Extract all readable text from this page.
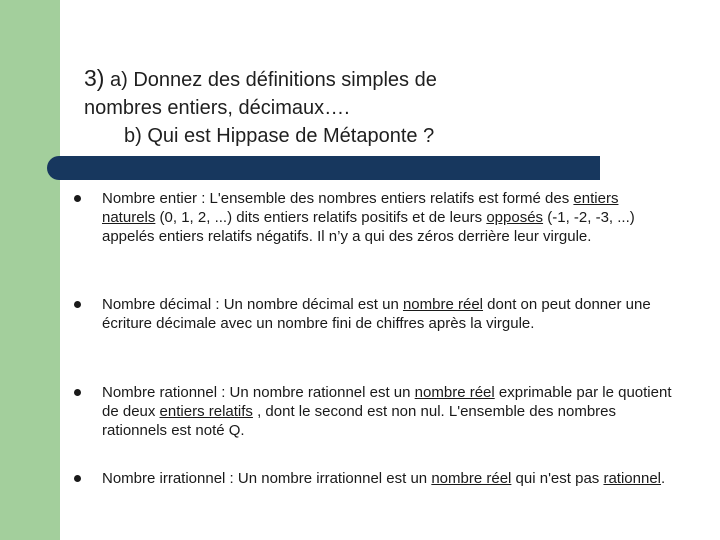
3) a) Donnez des définitions simples de
nombres entiers, décimaux….
b) Qui est Hippase de Métaponte ?
Nombre entier : L'ensemble des nombres entiers relatifs est formé des entiers naturels (0, 1, 2, ...) dits entiers relatifs positifs et de leurs opposés (-1, -2, -3, ...) appelés entiers relatifs négatifs. Il n’y a qui des zéros derrière leur virgule.
Nombre décimal : Un nombre décimal est un nombre réel dont on peut donner une écriture décimale avec un nombre fini de chiffres après la virgule.
Nombre rationnel : Un nombre rationnel est un nombre réel exprimable par le quotient de deux entiers relatifs , dont le second est non nul. L'ensemble des nombres rationnels est noté Q.
Nombre irrationnel : Un nombre irrationnel est un nombre réel qui n'est pas rationnel.
